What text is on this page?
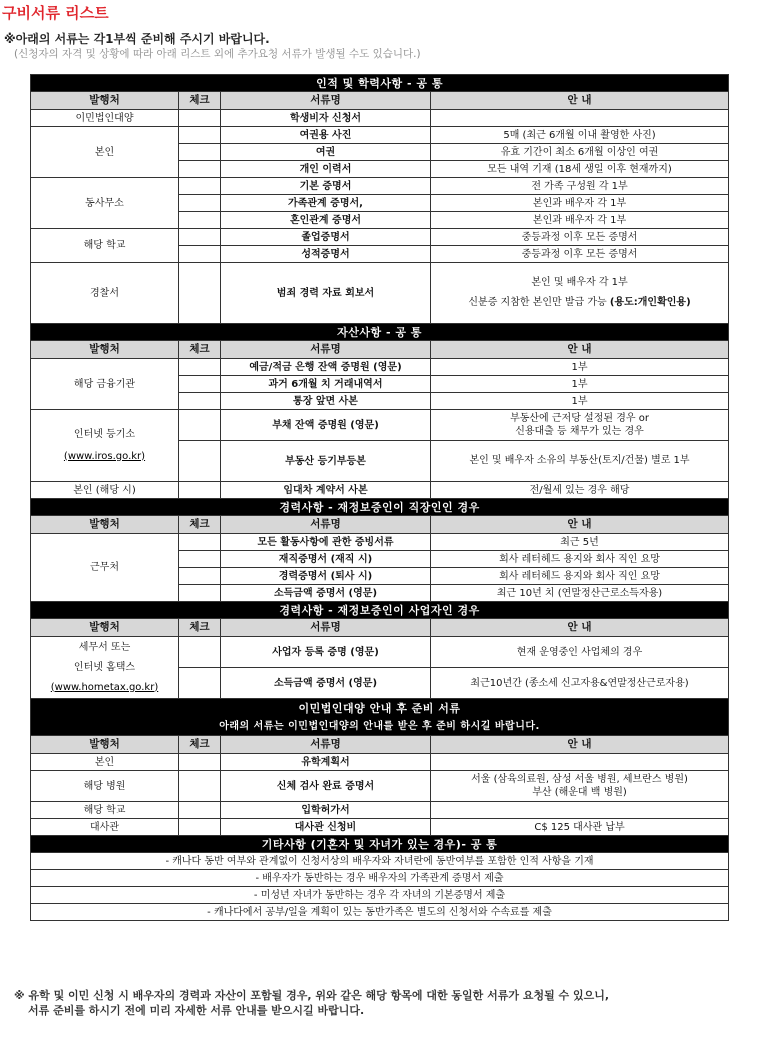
구비서류 리스트
※아래의 서류는 각1부씩 준비해 주시기 바랍니다.
(신청자의 자격 및 상황에 따라 아래 리스트 외에 추가요청 서류가 발생될 수도 있습니다.)
인적 및 학력사항 - 공 통			
발행처	체크	서류명	안 내
이민법인대양		학생비자 신청서	
본인		여권용 사진	5매 (최근 6개월 이내 촬영한 사진)
		여권	유효 기간이 최소 6개월 이상인 여권
		개인 이력서	모든 내역 기재 (18세 생일 이후 현재까지)
동사무소		기본 증명서	전 가족 구성원 각 1부
		가족관계 증명서,	본인과 배우자 각 1부
		혼인관계 증명서	본인과 배우자 각 1부
해당 학교		졸업증명서	중등과정 이후 모든 증명서
		성적증명서	중등과정 이후 모든 증명서
경찰서		범죄 경력 자료 회보서	본인 및 배우자 각 1부
신분증 지참한 본인만 발급 가능 (용도:개인확인용)
자산사항 - 공 통			
발행처	체크	서류명	안 내
해당 금융기관		예금/적금 은행 잔액 증명원 (영문)	1부
		과거 6개월 치 거래내역서	1부
		통장 앞면 사본	1부
인터넷 등기소
(www.iros.go.kr)		부채 잔액 증명원 (영문)	부동산에 근저당 설정된 경우 or
신용대출 등 채무가 있는 경우
		부동산 등기부등본	본인 및 배우자 소유의 부동산(토지/건물) 별로 1부
본인 (해당 시)		임대차 계약서 사본	전/월세 있는 경우 해당
경력사항 - 재정보증인이 직장인인 경우			
발행처	체크	서류명	안 내
근무처		모든 활동사항에 관한 증빙서류	최근 5년
		재직증명서 (재직 시)	회사 레터헤드 용지와 회사 직인 요망
		경력증명서 (퇴사 시)	회사 레터헤드 용지와 회사 직인 요망
		소득금액 증명서 (영문)	최근 10년 치 (연말정산근로소득자용)
경력사항 - 재정보증인이 사업자인 경우			
발행처	체크	서류명	안 내
세무서 또는
인터넷 홈택스
(www.hometax.go.kr)		사업자 등록 증명 (영문)	현재 운영중인 사업체의 경우
		소득금액 증명서 (영문)	최근10년간 (종소세 신고자용&연말정산근로자용)
이민법인대양 안내 후 준비 서류
아래의 서류는 이민법인대양의 안내를 받은 후 준비 하시길 바랍니다.			
발행처	체크	서류명	안 내
본인		유학계획서	
해당 병원		신체 검사 완료 증명서	서울 (삼육의료원, 삼성 서울 병원, 세브란스 병원)
부산 (해운대 백 병원)
해당 학교		입학허가서	
대사관		대사관 신청비	C$ 125 대사관 납부
기타사항 (기혼자 및 자녀가 있는 경우)- 공 통			
- 캐나다 동반 여부와 관계없이 신청서상의 배우자와 자녀란에 동반여부를 포함한 인적 사항을 기재			
- 배우자가 동반하는 경우 배우자의 가족관계 증명서 제출			
- 미성년 자녀가 동반하는 경우 각 자녀의 기본증명서 제출			
- 캐나다에서 공부/일을 계획이 있는 동반가족은 별도의 신청서와 수속료를 제출			
※ 유학 및 이민 신청 시 배우자의 경력과 자산이 포함될 경우, 위와 같은 해당 항목에 대한 동일한 서류가 요청될 수 있으니,
서류 준비를 하시기 전에 미리 자세한 서류 안내를 받으시길 바랍니다.
